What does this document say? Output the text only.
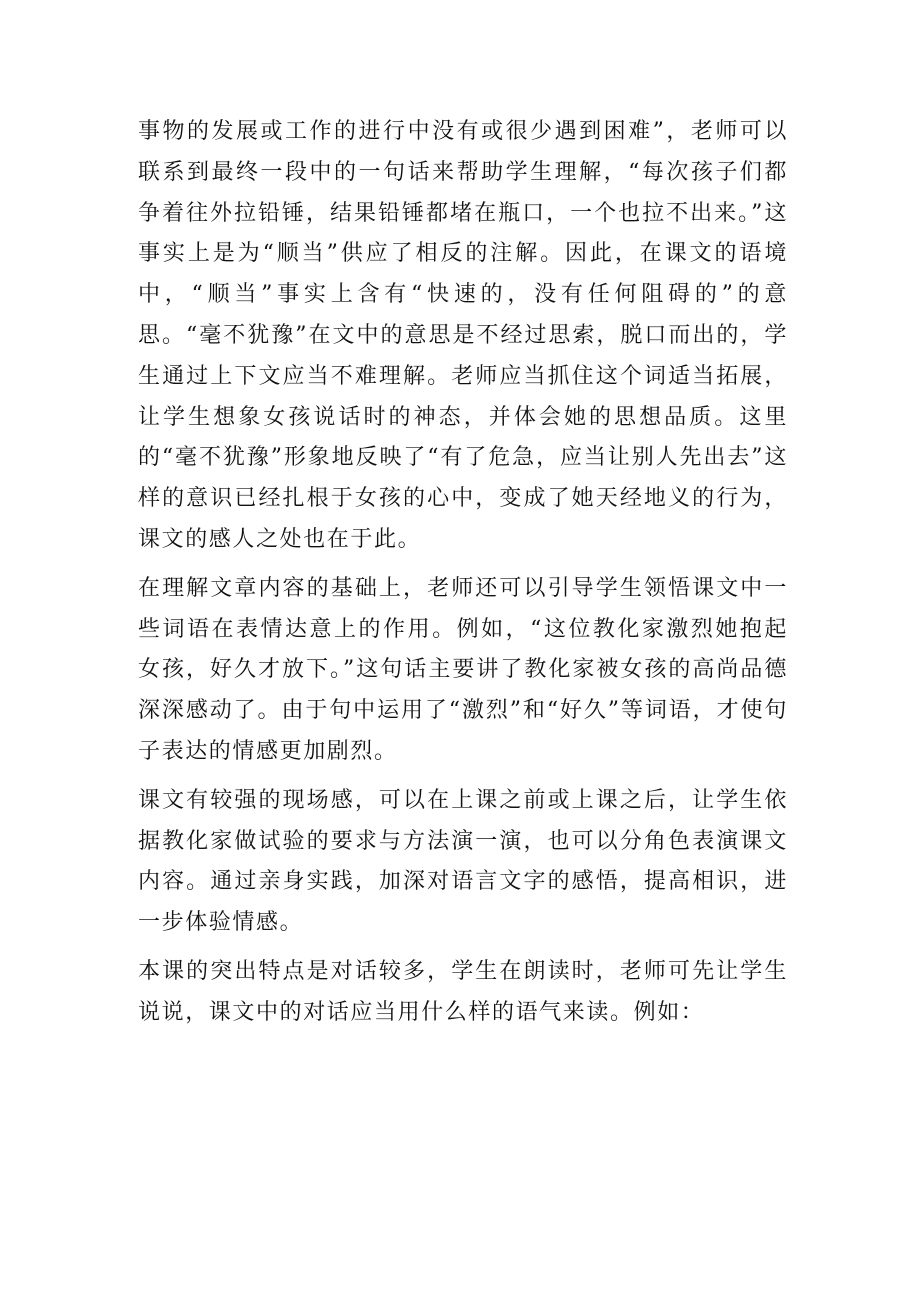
事物的发展或工作的进行中没有或很少遇到困难”，老师可以联系到最终一段中的一句话来帮助学生理解，“每次孩子们都争着往外拉铅锤，结果铅锤都堵在瓶口，一个也拉不出来。”这事实上是为“顺当”供应了相反的注解。因此，在课文的语境中，“顺当”事实上含有“快速的，没有任何阻碍的”的意思。“毫不犹豫”在文中的意思是不经过思索，脱口而出的，学生通过上下文应当不难理解。老师应当抓住这个词适当拓展，让学生想象女孩说话时的神态，并体会她的思想品质。这里的“毫不犹豫”形象地反映了“有了危急，应当让别人先出去”这样的意识已经扎根于女孩的心中，变成了她天经地义的行为，课文的感人之处也在于此。

在理解文章内容的基础上，老师还可以引导学生领悟课文中一些词语在表情达意上的作用。例如，“这位教化家激烈她抱起女孩，好久才放下。”这句话主要讲了教化家被女孩的高尚品德深深感动了。由于句中运用了“激烈”和“好久”等词语，才使句子表达的情感更加剧烈。

课文有较强的现场感，可以在上课之前或上课之后，让学生依据教化家做试验的要求与方法演一演，也可以分角色表演课文内容。通过亲身实践，加深对语言文字的感悟，提高相识，进一步体验情感。

本课的突出特点是对话较多，学生在朗读时，老师可先让学生说说，课文中的对话应当用什么样的语气来读。例如：
